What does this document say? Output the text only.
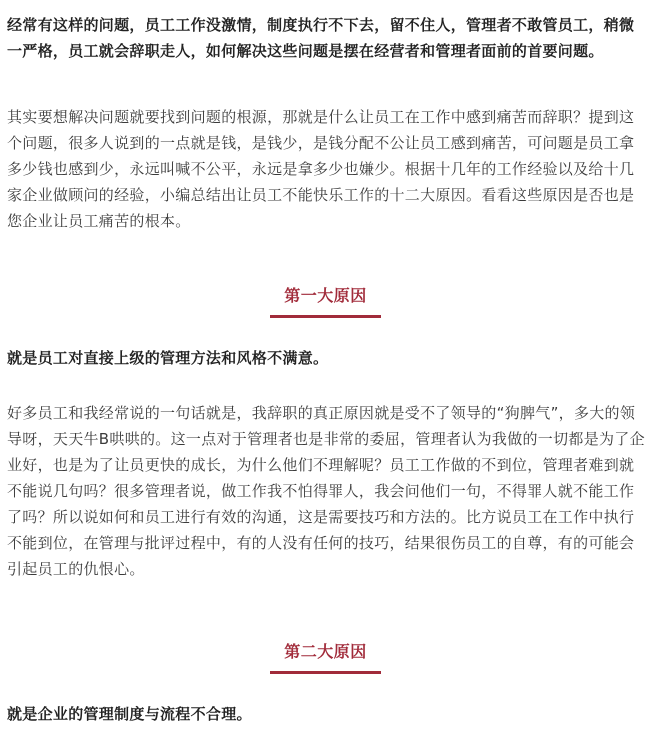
经常有这样的问题，员工工作没激情，制度执行不下去，留不住人，管理者不敢管员工，稍微一严格，员工就会辞职走人，如何解决这些问题是摆在经营者和管理者面前的首要问题。

其实要想解决问题就要找到问题的根源，那就是什么让员工在工作中感到痛苦而辞职？提到这个问题，很多人说到的一点就是钱，是钱少，是钱分配不公让员工感到痛苦，可问题是员工拿多少钱也感到少，永远叫喊不公平，永远是拿多少也嫌少。根据十几年的工作经验以及给十几家企业做顾问的经验，小编总结出让员工不能快乐工作的十二大原因。看看这些原因是否也是您企业让员工痛苦的根本。

第一大原因

就是员工对直接上级的管理方法和风格不满意。

好多员工和我经常说的一句话就是，我辞职的真正原因就是受不了领导的“狗脾气”，多大的领导呀，天天牛B哄哄的。这一点对于管理者也是非常的委屈，管理者认为我做的一切都是为了企业好，也是为了让员更快的成长，为什么他们不理解呢？员工工作做的不到位，管理者难到就不能说几句吗？很多管理者说，做工作我不怕得罪人，我会问他们一句，不得罪人就不能工作了吗？所以说如何和员工进行有效的沟通，这是需要技巧和方法的。比方说员工在工作中执行不能到位，在管理与批评过程中，有的人没有任何的技巧，结果很伤员工的自尊，有的可能会引起员工的仇恨心。

第二大原因

就是企业的管理制度与流程不合理。
